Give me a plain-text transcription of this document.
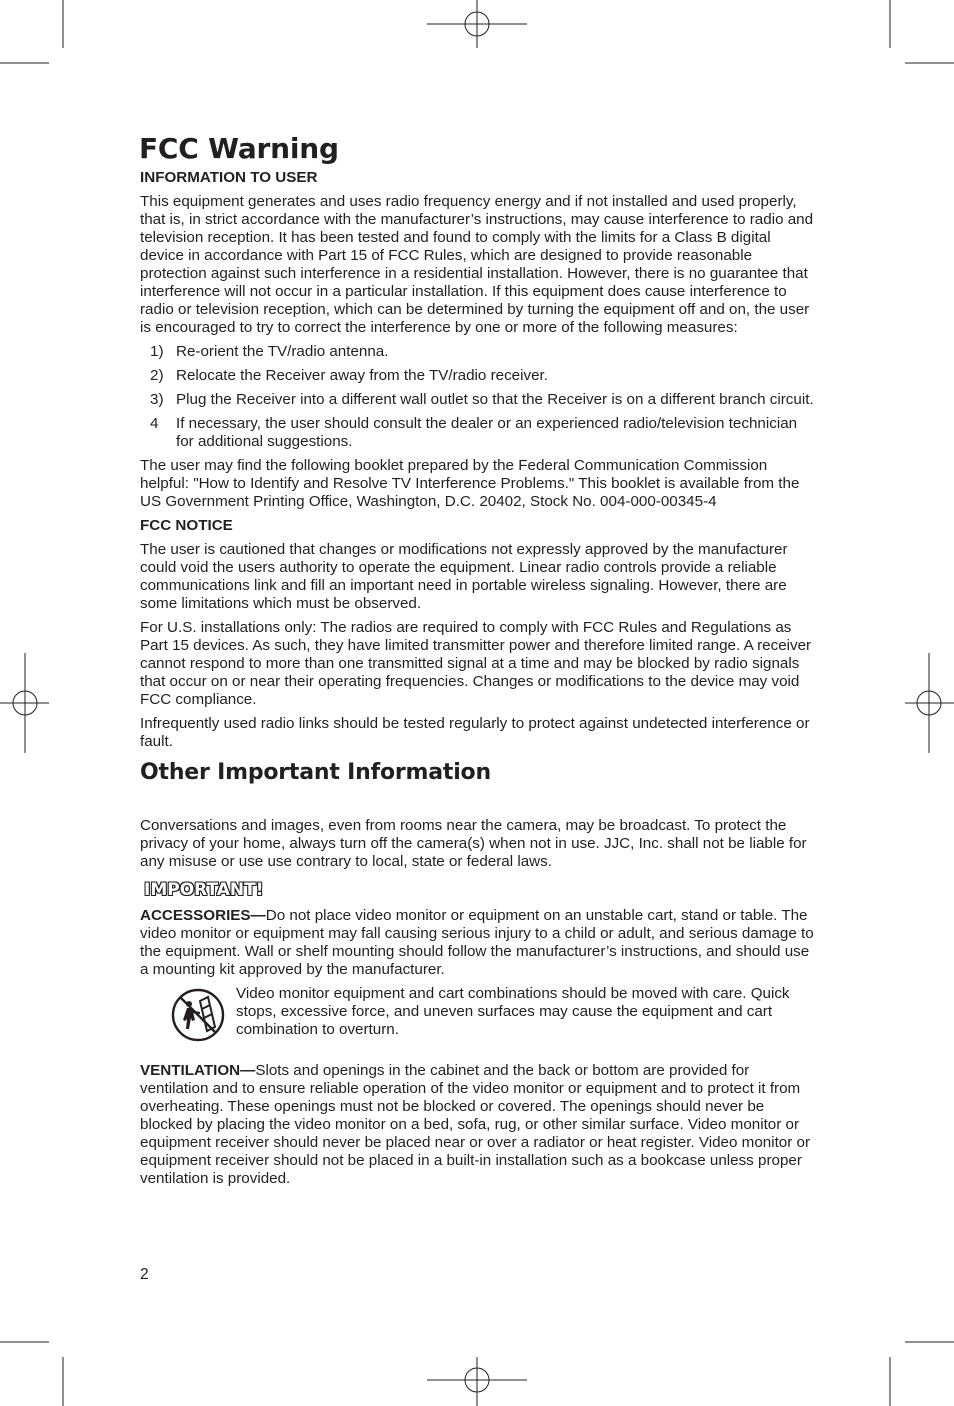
FCC Warning

INFORMATION TO USER

This equipment generates and uses radio frequency energy and if not installed and used properly, that is, in strict accordance with the manufacturer’s instructions, may cause interference to radio and television reception. It has been tested and found to comply with the limits for a Class B digital device in accordance with Part 15 of FCC Rules, which are designed to provide reasonable protection against such interference in a residential installation. However, there is no guarantee that interference will not occur in a particular installation. If this equipment does cause interference to radio or television reception, which can be determined by turning the equipment off and on, the user is encouraged to try to correct the interference by one or more of the following measures:

1) Re-orient the TV/radio antenna.
2) Relocate the Receiver away from the TV/radio receiver.
3) Plug the Receiver into a different wall outlet so that the Receiver is on a different branch circuit.
4	If necessary, the user should consult the dealer or an experienced radio/television technician for additional suggestions.

The user may find the following booklet prepared by the Federal Communication Commission helpful: "How to Identify and Resolve TV Interference Problems." This booklet is available from the US Government Printing Office, Washington, D.C. 20402, Stock No. 004-000-00345-4

FCC NOTICE

The user is cautioned that changes or modifications not expressly approved by the manufacturer could void the users authority to operate the equipment. Linear radio controls provide a reliable communications link and fill an important need in portable wireless signaling. However, there are some limitations which must be observed.

For U.S. installations only: The radios are required to comply with FCC Rules and Regulations as Part 15 devices. As such, they have limited transmitter power and therefore limited range. A receiver cannot respond to more than one transmitted signal at a time and may be blocked by radio signals that occur on or near their operating frequencies. Changes or modifications to the device may void FCC compliance.

Infrequently used radio links should be tested regularly to protect against undetected interference or fault.

Other Important Information

Conversations and images, even from rooms near the camera, may be broadcast. To protect the privacy of your home, always turn off the camera(s) when not in use. JJC, Inc. shall not be liable for any misuse or use use contrary to local, state or federal laws.

IMPORTANT!

ACCESSORIES—Do not place video monitor or equipment on an unstable cart, stand or table. The video monitor or equipment may fall causing serious injury to a child or adult, and serious damage to the equipment. Wall or shelf mounting should follow the manufacturer’s instructions, and should use a mounting kit approved by the manufacturer.

Video monitor equipment and cart combinations should be moved with care. Quick stops, excessive force, and uneven surfaces may cause the equipment and cart combination to overturn.

VENTILATION—Slots and openings in the cabinet and the back or bottom are provided for ventilation and to ensure reliable operation of the video monitor or equipment and to protect it from overheating. These openings must not be blocked or covered. The openings should never be blocked by placing the video monitor on a bed, sofa, rug, or other similar surface. Video monitor or equipment receiver should never be placed near or over a radiator or heat register. Video monitor or equipment receiver should not be placed in a built-in installation such as a bookcase unless proper ventilation is provided.

2
